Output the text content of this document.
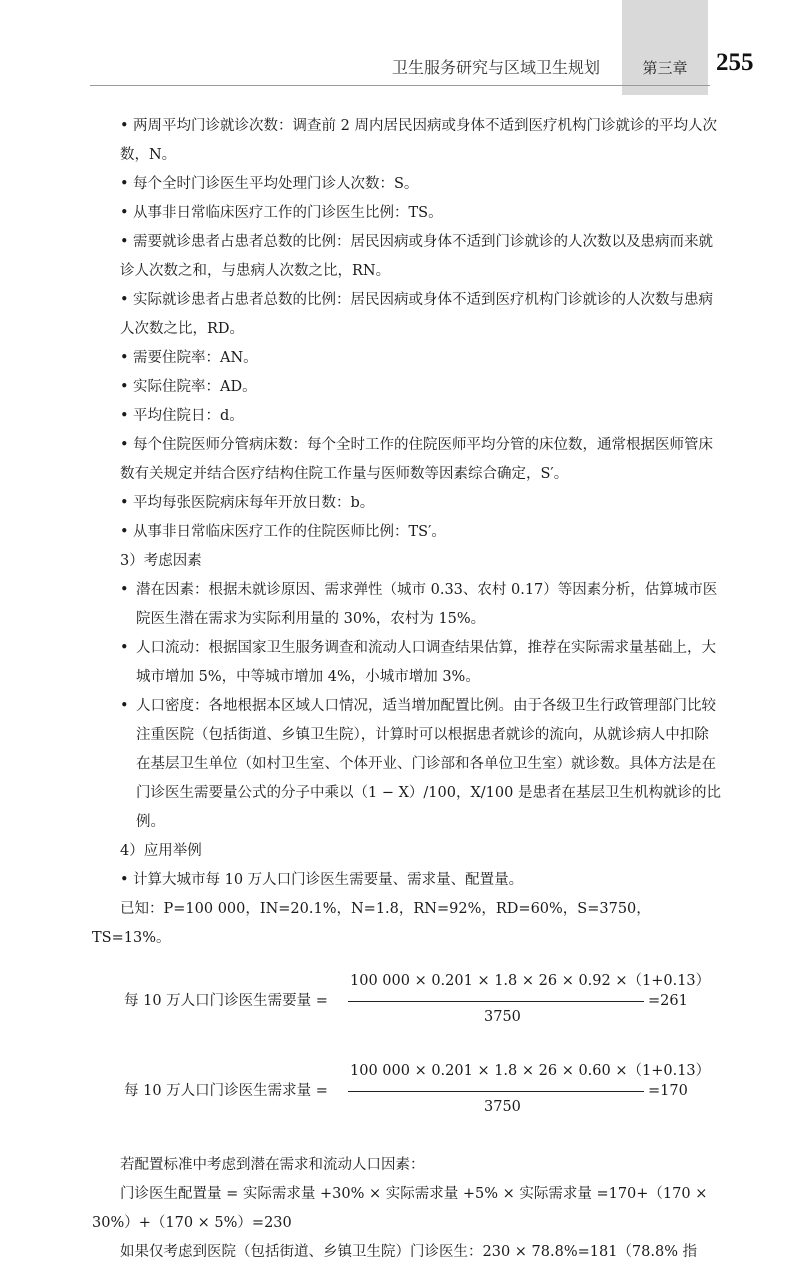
卫生服务研究与区域卫生规划	第三章	255
• 两周平均门诊就诊次数：调查前 2 周内居民因病或身体不适到医疗机构门诊就诊的平均人次数，N。
• 每个全时门诊医生平均处理门诊人次数：S。
• 从事非日常临床医疗工作的门诊医生比例：TS。
• 需要就诊患者占患者总数的比例：居民因病或身体不适到门诊就诊的人次数以及患病而来就诊人次数之和，与患病人次数之比，RN。
• 实际就诊患者占患者总数的比例：居民因病或身体不适到医疗机构门诊就诊的人次数与患病人次数之比，RD。
• 需要住院率：AN。
• 实际住院率：AD。
• 平均住院日：d。
• 每个住院医师分管病床数：每个全时工作的住院医师平均分管的床位数，通常根据医师管床数有关规定并结合医疗结构住院工作量与医师数等因素综合确定，S′。
• 平均每张医院病床每年开放日数：b。
• 从事非日常临床医疗工作的住院医师比例：TS′。
3）考虑因素
• 潜在因素：根据未就诊原因、需求弹性（城市 0.33、农村 0.17）等因素分析，估算城市医院医生潜在需求为实际利用量的 30%，农村为 15%。
• 人口流动：根据国家卫生服务调查和流动人口调查结果估算，推荐在实际需求量基础上，大城市增加 5%，中等城市增加 4%，小城市增加 3%。
• 人口密度：各地根据本区域人口情况，适当增加配置比例。由于各级卫生行政管理部门比较注重医院（包括街道、乡镇卫生院），计算时可以根据患者就诊的流向，从就诊病人中扣除在基层卫生单位（如村卫生室、个体开业、门诊部和各单位卫生室）就诊数。具体方法是在门诊医生需要量公式的分子中乘以（1 − X）/100，X/100 是患者在基层卫生机构就诊的比例。
4）应用举例
• 计算大城市每 10 万人口门诊医生需要量、需求量、配置量。

已知：P=100 000，IN=20.1%，N=1.8，RN=92%，RD=60%，S=3750，TS=13%。

每 10 万人口门诊医生需要量 =
100 000 × 0.201 × 1.8 × 26 × 0.92 ×（1+0.13）
3750
=261
每 10 万人口门诊医生需求量 =
100 000 × 0.201 × 1.8 × 26 × 0.60 ×（1+0.13）
3750
=170

若配置标准中考虑到潜在需求和流动人口因素：

门诊医生配置量 = 实际需求量 +30% × 实际需求量 +5% × 实际需求量 =170+（170 × 30%）+（170 × 5%）=230

如果仅考虑到医院（包括街道、乡镇卫生院）门诊医生：230 × 78.8%=181（78.8% 指
